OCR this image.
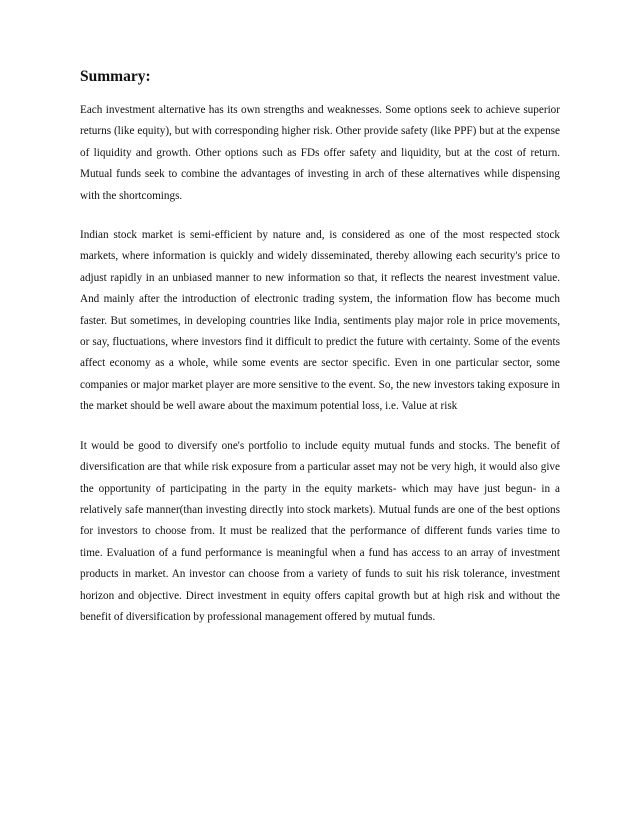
Summary:

Each investment alternative has its own strengths and weaknesses. Some options seek to achieve superior returns (like equity), but with corresponding higher risk. Other provide safety (like PPF) but at the expense of liquidity and growth. Other options such as FDs offer safety and liquidity, but at the cost of return. Mutual funds seek to combine the advantages of investing in arch of these alternatives while dispensing with the shortcomings.

Indian stock market is semi-efficient by nature and, is considered as one of the most respected stock markets, where information is quickly and widely disseminated, thereby allowing each security's price to adjust rapidly in an unbiased manner to new information so that, it reflects the nearest investment value. And mainly after the introduction of electronic trading system, the information flow has become much faster. But sometimes, in developing countries like India, sentiments play major role in price movements, or say, fluctuations, where investors find it difficult to predict the future with certainty. Some of the events affect economy as a whole, while some events are sector specific. Even in one particular sector, some companies or major market player are more sensitive to the event. So, the new investors taking exposure in the market should be well aware about the maximum potential loss, i.e. Value at risk

It would be good to diversify one's portfolio to include equity mutual funds and stocks. The benefit of diversification are that while risk exposure from a particular asset may not be very high, it would also give the opportunity of participating in the party in the equity markets- which may have just begun- in a relatively safe manner(than investing directly into stock markets). Mutual funds are one of the best options for investors to choose from. It must be realized that the performance of different funds varies time to time. Evaluation of a fund performance is meaningful when a fund has access to an array of investment products in market. An investor can choose from a variety of funds to suit his risk tolerance, investment horizon and objective. Direct investment in equity offers capital growth but at high risk and without the benefit of diversification by professional management offered by mutual funds.
